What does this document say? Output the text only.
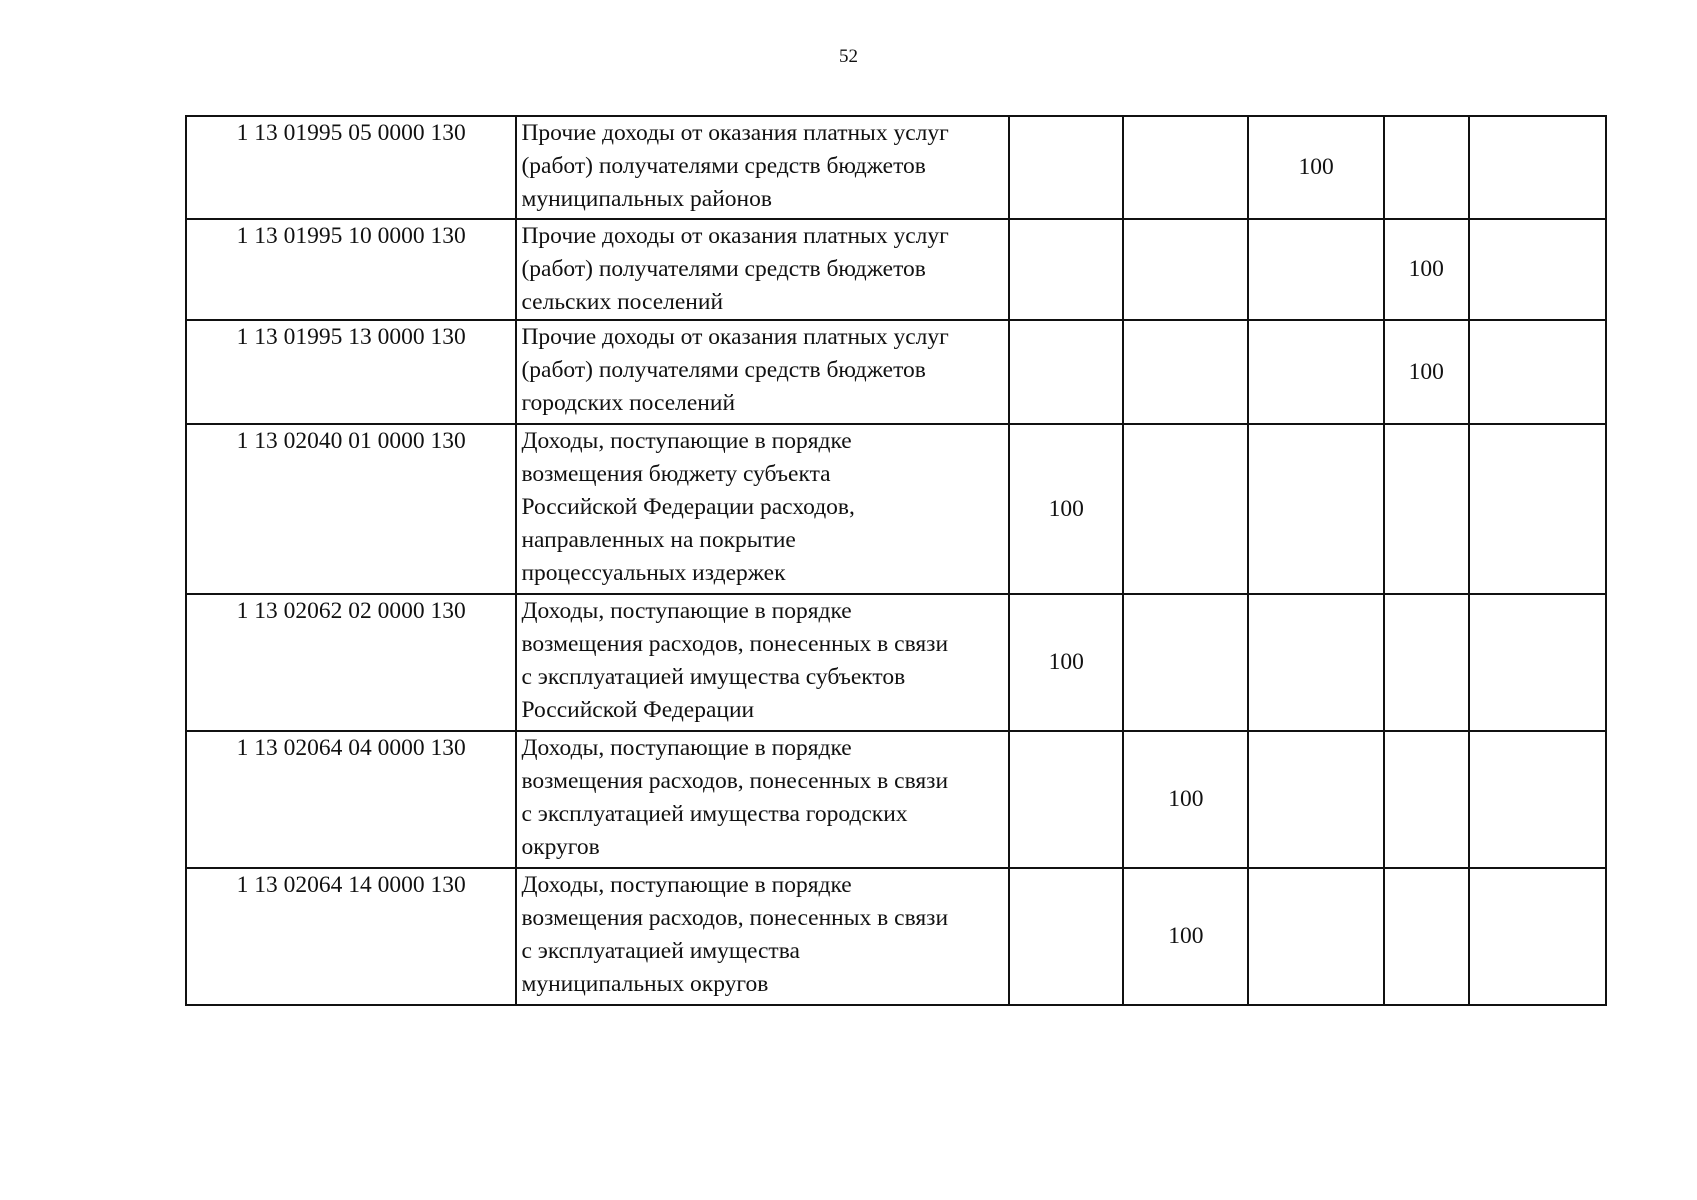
52
1 13 01995 05 0000 130	Прочие доходы от оказания платных услуг
(работ) получателями средств бюджетов
муниципальных районов			100		
1 13 01995 10 0000 130	Прочие доходы от оказания платных услуг
(работ) получателями средств бюджетов
сельских поселений				100	
1 13 01995 13 0000 130	Прочие доходы от оказания платных услуг
(работ) получателями средств бюджетов
городских поселений				100	
1 13 02040 01 0000 130	Доходы, поступающие в порядке
возмещения бюджету субъекта
Российской Федерации расходов,
направленных на покрытие
процессуальных издержек	100				
1 13 02062 02 0000 130	Доходы, поступающие в порядке
возмещения расходов, понесенных в связи
с эксплуатацией имущества субъектов
Российской Федерации	100				
1 13 02064 04 0000 130	Доходы, поступающие в порядке
возмещения расходов, понесенных в связи
с эксплуатацией имущества городских
округов		100			
1 13 02064 14 0000 130	Доходы, поступающие в порядке
возмещения расходов, понесенных в связи
с эксплуатацией имущества
муниципальных округов		100			
